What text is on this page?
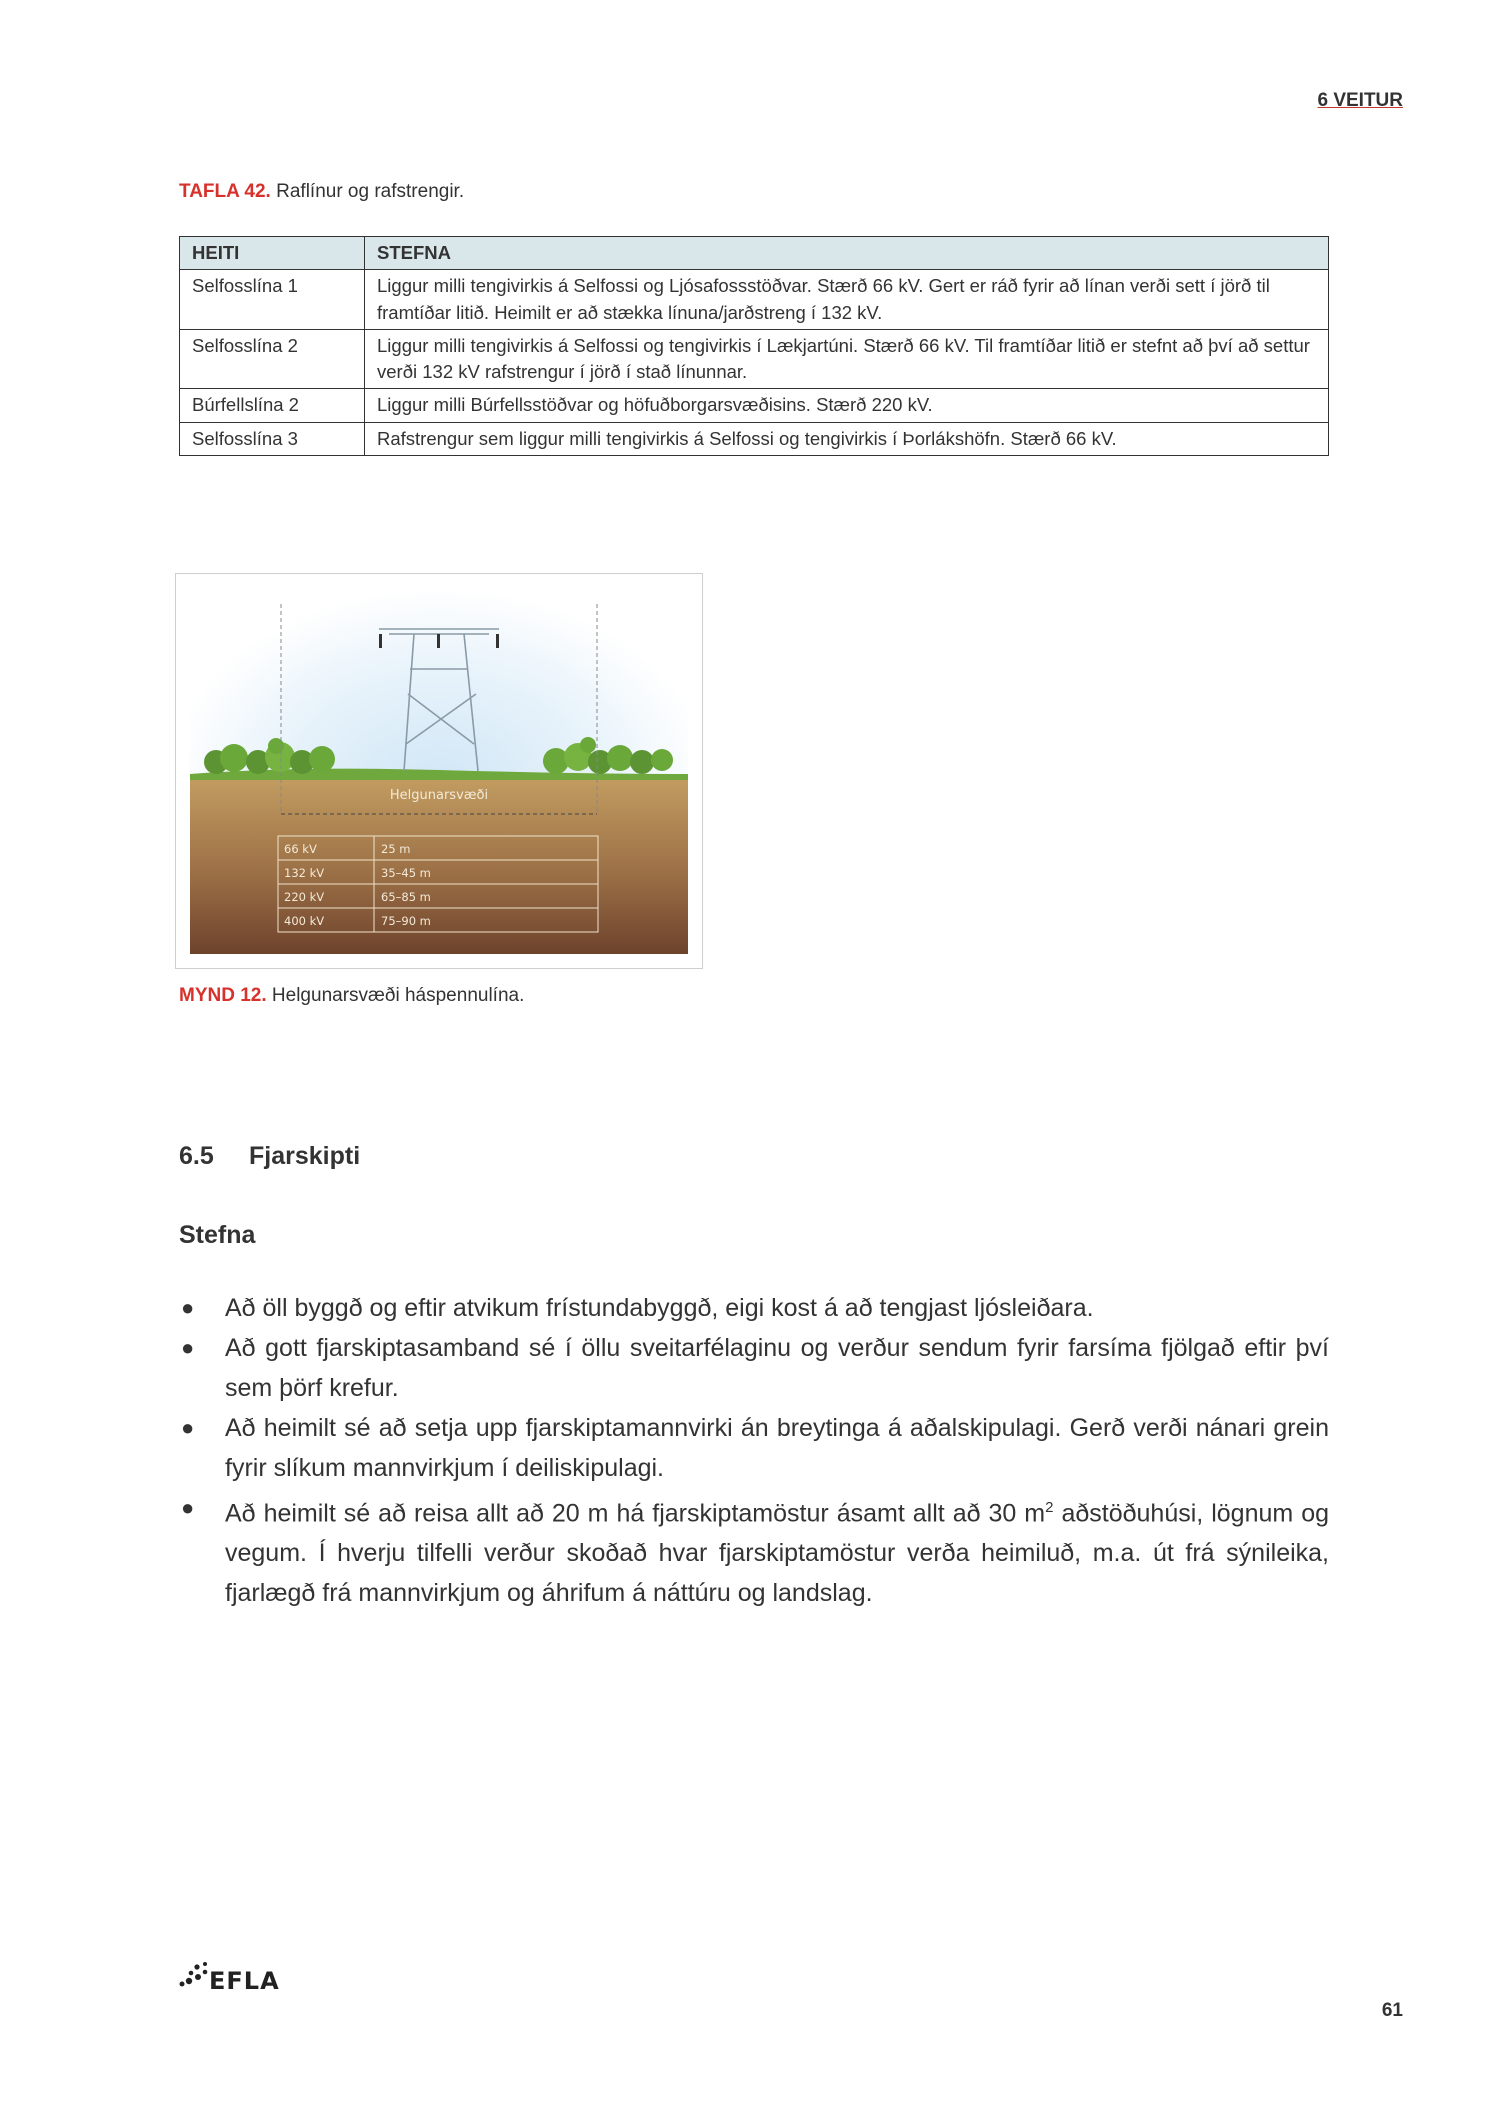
6 VEITUR
TAFLA 42. Raflínur og rafstrengir.
HEITI	STEFNA
Selfosslína 1	Liggur milli tengivirkis á Selfossi og Ljósafossstöðvar. Stærð 66 kV. Gert er ráð fyrir að línan verði sett í jörð til framtíðar litið. Heimilt er að stækka línuna/jarðstreng í 132 kV.
Selfosslína 2	Liggur milli tengivirkis á Selfossi og tengivirkis í Lækjartúni. Stærð 66 kV. Til framtíðar litið er stefnt að því að settur verði 132 kV rafstrengur í jörð í stað línunnar.
Búrfellslína 2	Liggur milli Búrfellsstöðvar og höfuðborgarsvæðisins. Stærð 220 kV.
Selfosslína 3	Rafstrengur sem liggur milli tengivirkis á Selfossi og tengivirkis í Þorlákshöfn. Stærð 66 kV.
Helgunarsvæði
66 kV	25 m
132 kV	35–45 m
220 kV	65–85 m
400 kV	75–90 m
MYND 12. Helgunarsvæði háspennulína.
6.5 Fjarskipti
Stefna
● Að öll byggð og eftir atvikum frístundabyggð, eigi kost á að tengjast ljósleiðara.
● Að gott fjarskiptasamband sé í öllu sveitarfélaginu og verður sendum fyrir farsíma fjölgað eftir því sem þörf krefur.
● Að heimilt sé að setja upp fjarskiptamannvirki án breytinga á aðalskipulagi. Gerð verði nánari grein fyrir slíkum mannvirkjum í deiliskipulagi.
● Að heimilt sé að reisa allt að 20 m há fjarskiptamöstur ásamt allt að 30 $m^2$ aðstöðuhúsi, lögnum og vegum. Í hverju tilfelli verður skoðað hvar fjarskiptamöstur verða heimiluð, m.a. út frá sýnileika, fjarlægð frá mannvirkjum og áhrifum á náttúru og landslag.
EFLA
61
